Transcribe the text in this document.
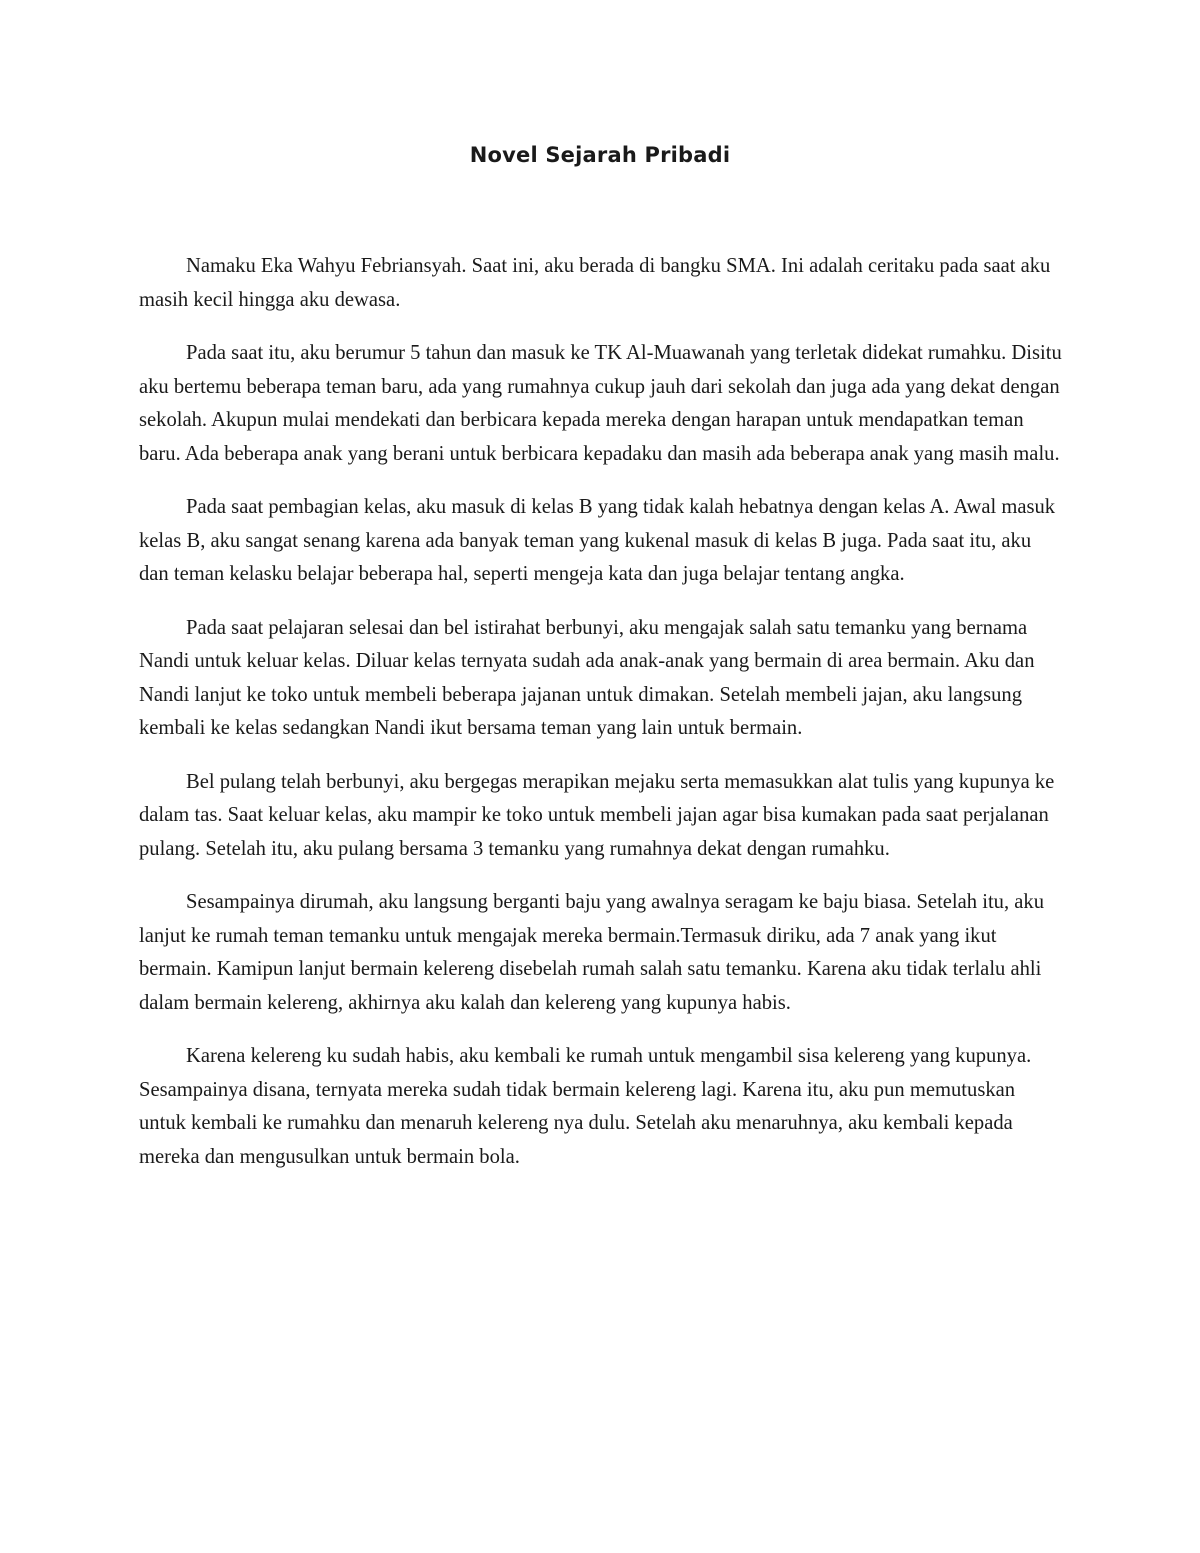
Novel Sejarah Pribadi

Namaku Eka Wahyu Febriansyah. Saat ini, aku berada di bangku SMA. Ini adalah ceritaku pada saat aku masih kecil hingga aku dewasa.

Pada saat itu, aku berumur 5 tahun dan masuk ke TK Al-Muawanah yang terletak didekat rumahku. Disitu aku bertemu beberapa teman baru, ada yang rumahnya cukup jauh dari sekolah dan juga ada yang dekat dengan sekolah. Akupun mulai mendekati dan berbicara kepada mereka dengan harapan untuk mendapatkan teman baru. Ada beberapa anak yang berani untuk berbicara kepadaku dan masih ada beberapa anak yang masih malu.

Pada saat pembagian kelas, aku masuk di kelas B yang tidak kalah hebatnya dengan kelas A. Awal masuk kelas B, aku sangat senang karena ada banyak teman yang kukenal masuk di kelas B juga. Pada saat itu, aku dan teman kelasku belajar beberapa hal, seperti mengeja kata dan juga belajar tentang angka.

Pada saat pelajaran selesai dan bel istirahat berbunyi, aku mengajak salah satu temanku yang bernama Nandi untuk keluar kelas. Diluar kelas ternyata sudah ada anak-anak yang bermain di area bermain. Aku dan Nandi lanjut ke toko untuk membeli beberapa jajanan untuk dimakan. Setelah membeli jajan, aku langsung kembali ke kelas sedangkan Nandi ikut bersama teman yang lain untuk bermain.

Bel pulang telah berbunyi, aku bergegas merapikan mejaku serta memasukkan alat tulis yang kupunya ke dalam tas. Saat keluar kelas, aku mampir ke toko untuk membeli jajan agar bisa kumakan pada saat perjalanan pulang. Setelah itu, aku pulang bersama 3 temanku yang rumahnya dekat dengan rumahku.

Sesampainya dirumah, aku langsung berganti baju yang awalnya seragam ke baju biasa. Setelah itu, aku lanjut ke rumah teman temanku untuk mengajak mereka bermain.Termasuk diriku, ada 7 anak yang ikut bermain. Kamipun lanjut bermain kelereng disebelah rumah salah satu temanku. Karena aku tidak terlalu ahli dalam bermain kelereng, akhirnya aku kalah dan kelereng yang kupunya habis.

Karena kelereng ku sudah habis, aku kembali ke rumah untuk mengambil sisa kelereng yang kupunya. Sesampainya disana, ternyata mereka sudah tidak bermain kelereng lagi. Karena itu, aku pun memutuskan untuk kembali ke rumahku dan menaruh kelereng nya dulu. Setelah aku menaruhnya, aku kembali kepada mereka dan mengusulkan untuk bermain bola.
